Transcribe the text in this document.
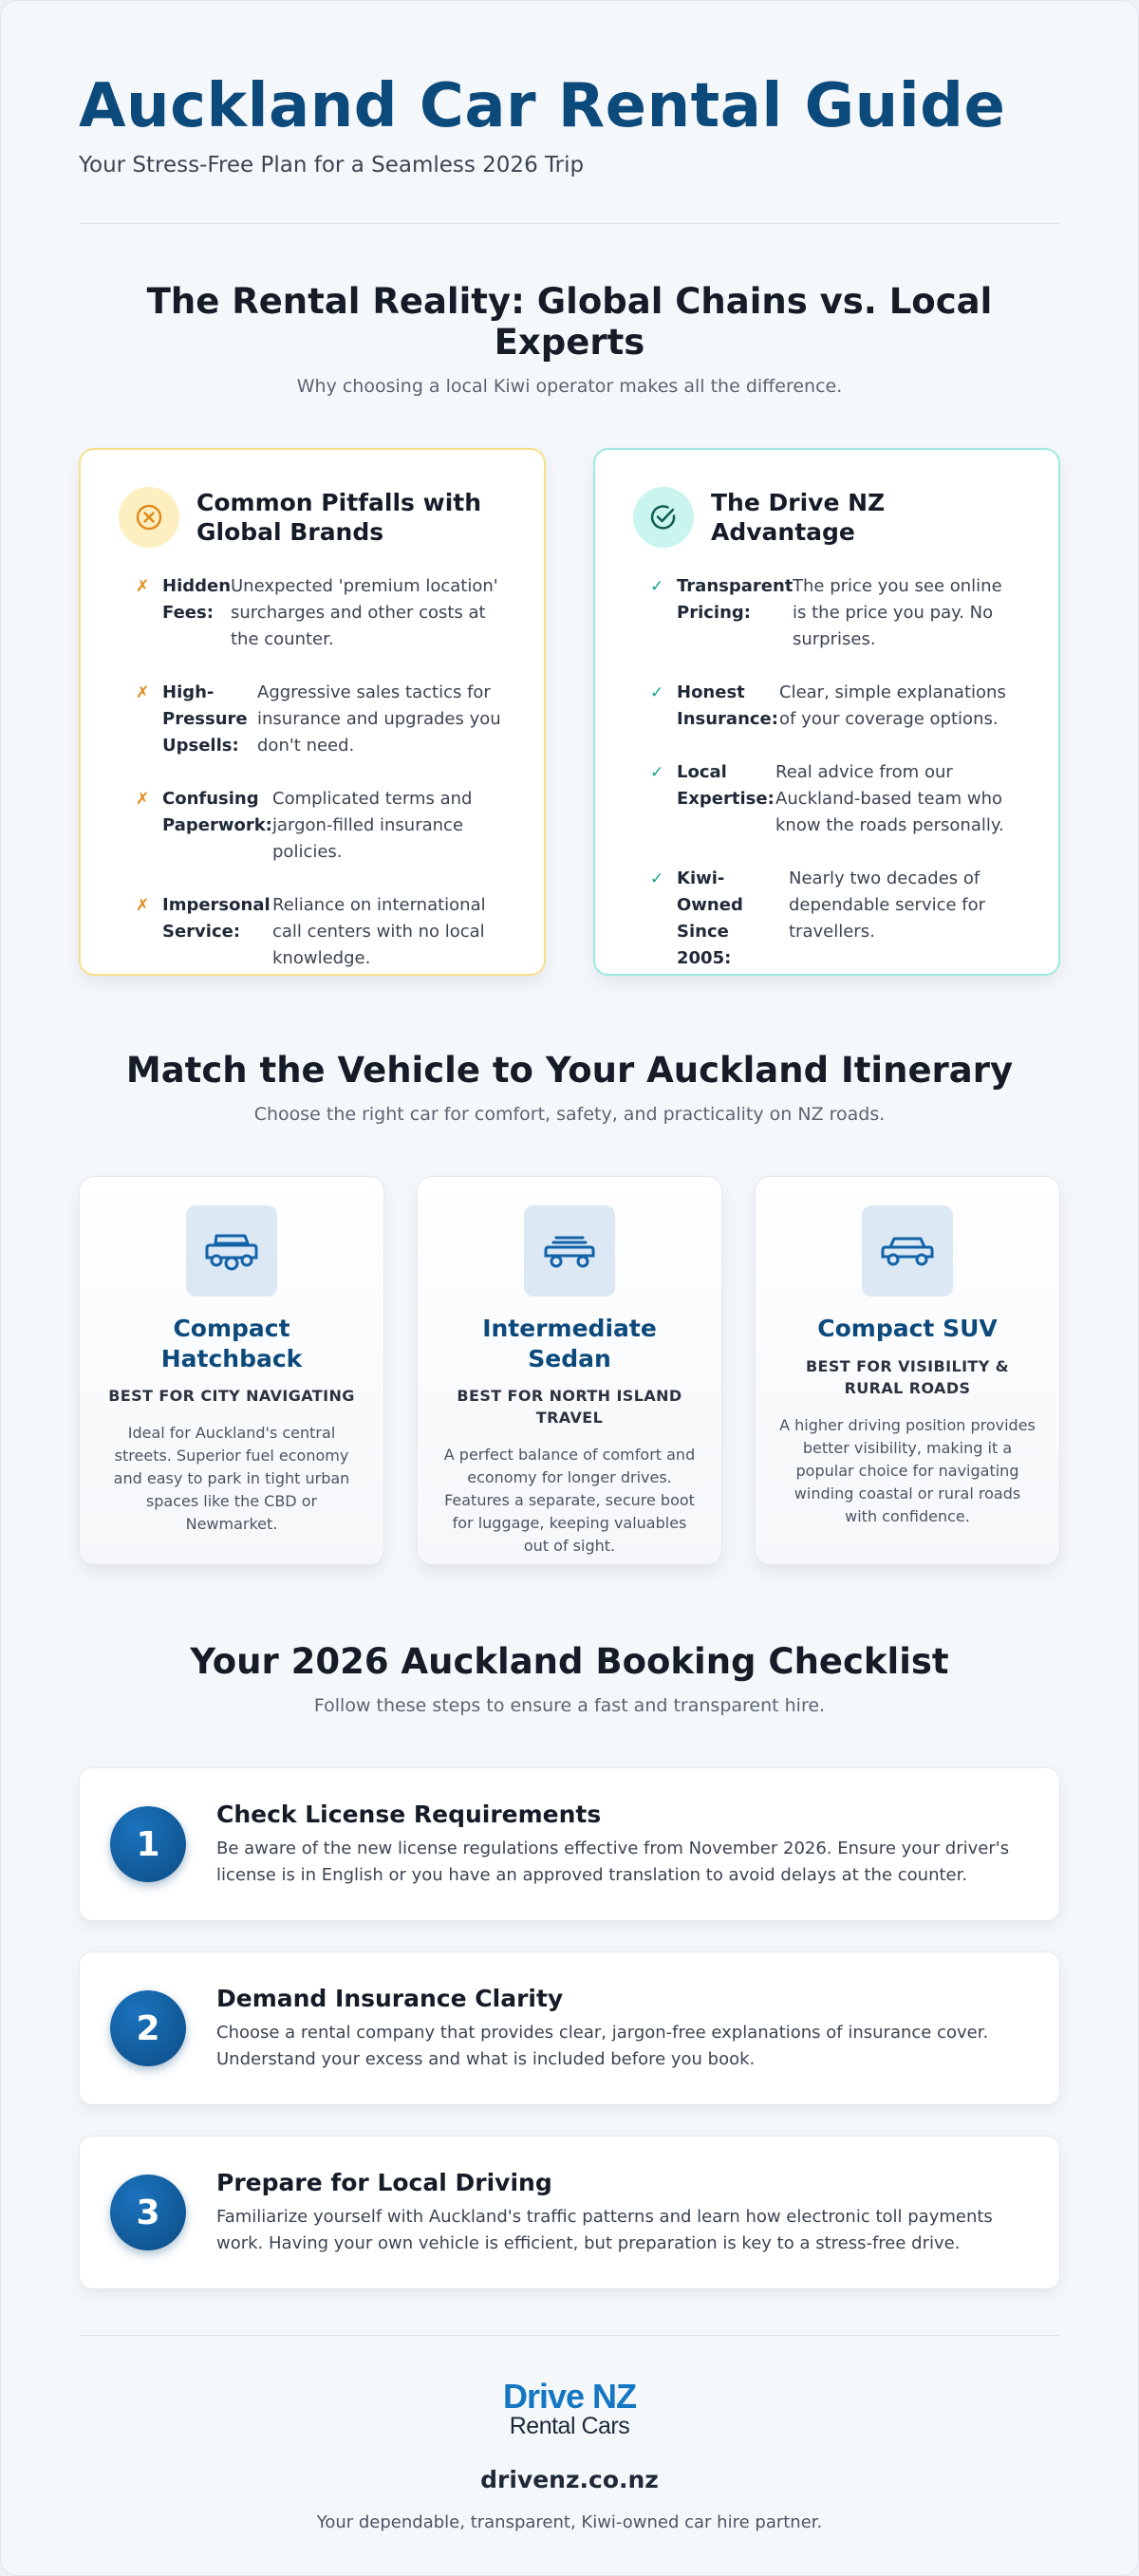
Auckland Car Rental Guide

Your Stress-Free Plan for a Seamless 2026 Trip

The Rental Reality: Global Chains vs. Local Experts

Why choosing a local Kiwi operator makes all the difference.

Common Pitfalls with Global Brands
✗ Hidden Fees:
Unexpected 'premium location' surcharges and other costs at the counter.
✗ High-Pressure Upsells:
Aggressive sales tactics for insurance and upgrades you don't need.
✗ Confusing Paperwork:
Complicated terms and jargon-filled insurance policies.
✗ Impersonal Service:
Reliance on international call centers with no local knowledge.
The Drive NZ Advantage
✓ Transparent Pricing:
The price you see online is the price you pay. No surprises.
✓ Honest Insurance:
Clear, simple explanations of your coverage options.
✓ Local Expertise:
Real advice from our Auckland-based team who know the roads personally.
✓ Kiwi-Owned Since 2005:
Nearly two decades of dependable service for travellers.
Match the Vehicle to Your Auckland Itinerary

Choose the right car for comfort, safety, and practicality on NZ roads.

Compact Hatchback

BEST FOR CITY NAVIGATING

Ideal for Auckland's central streets. Superior fuel economy and easy to park in tight urban spaces like the CBD or Newmarket.

Intermediate Sedan

BEST FOR NORTH ISLAND TRAVEL

A perfect balance of comfort and economy for longer drives. Features a separate, secure boot for luggage, keeping valuables out of sight.

Compact SUV

BEST FOR VISIBILITY & RURAL ROADS

A higher driving position provides better visibility, making it a popular choice for navigating winding coastal or rural roads with confidence.

Your 2026 Auckland Booking Checklist

Follow these steps to ensure a fast and transparent hire.

1
Check License Requirements

Be aware of the new license regulations effective from November 2026. Ensure your driver's license is in English or you have an approved translation to avoid delays at the counter.

2
Demand Insurance Clarity

Choose a rental company that provides clear, jargon-free explanations of insurance cover. Understand your excess and what is included before you book.

3
Prepare for Local Driving

Familiarize yourself with Auckland's traffic patterns and learn how electronic toll payments work. Having your own vehicle is efficient, but preparation is key to a stress-free drive.

Drive NZ
Rental Cars

drivenz.co.nz

Your dependable, transparent, Kiwi-owned car hire partner.
